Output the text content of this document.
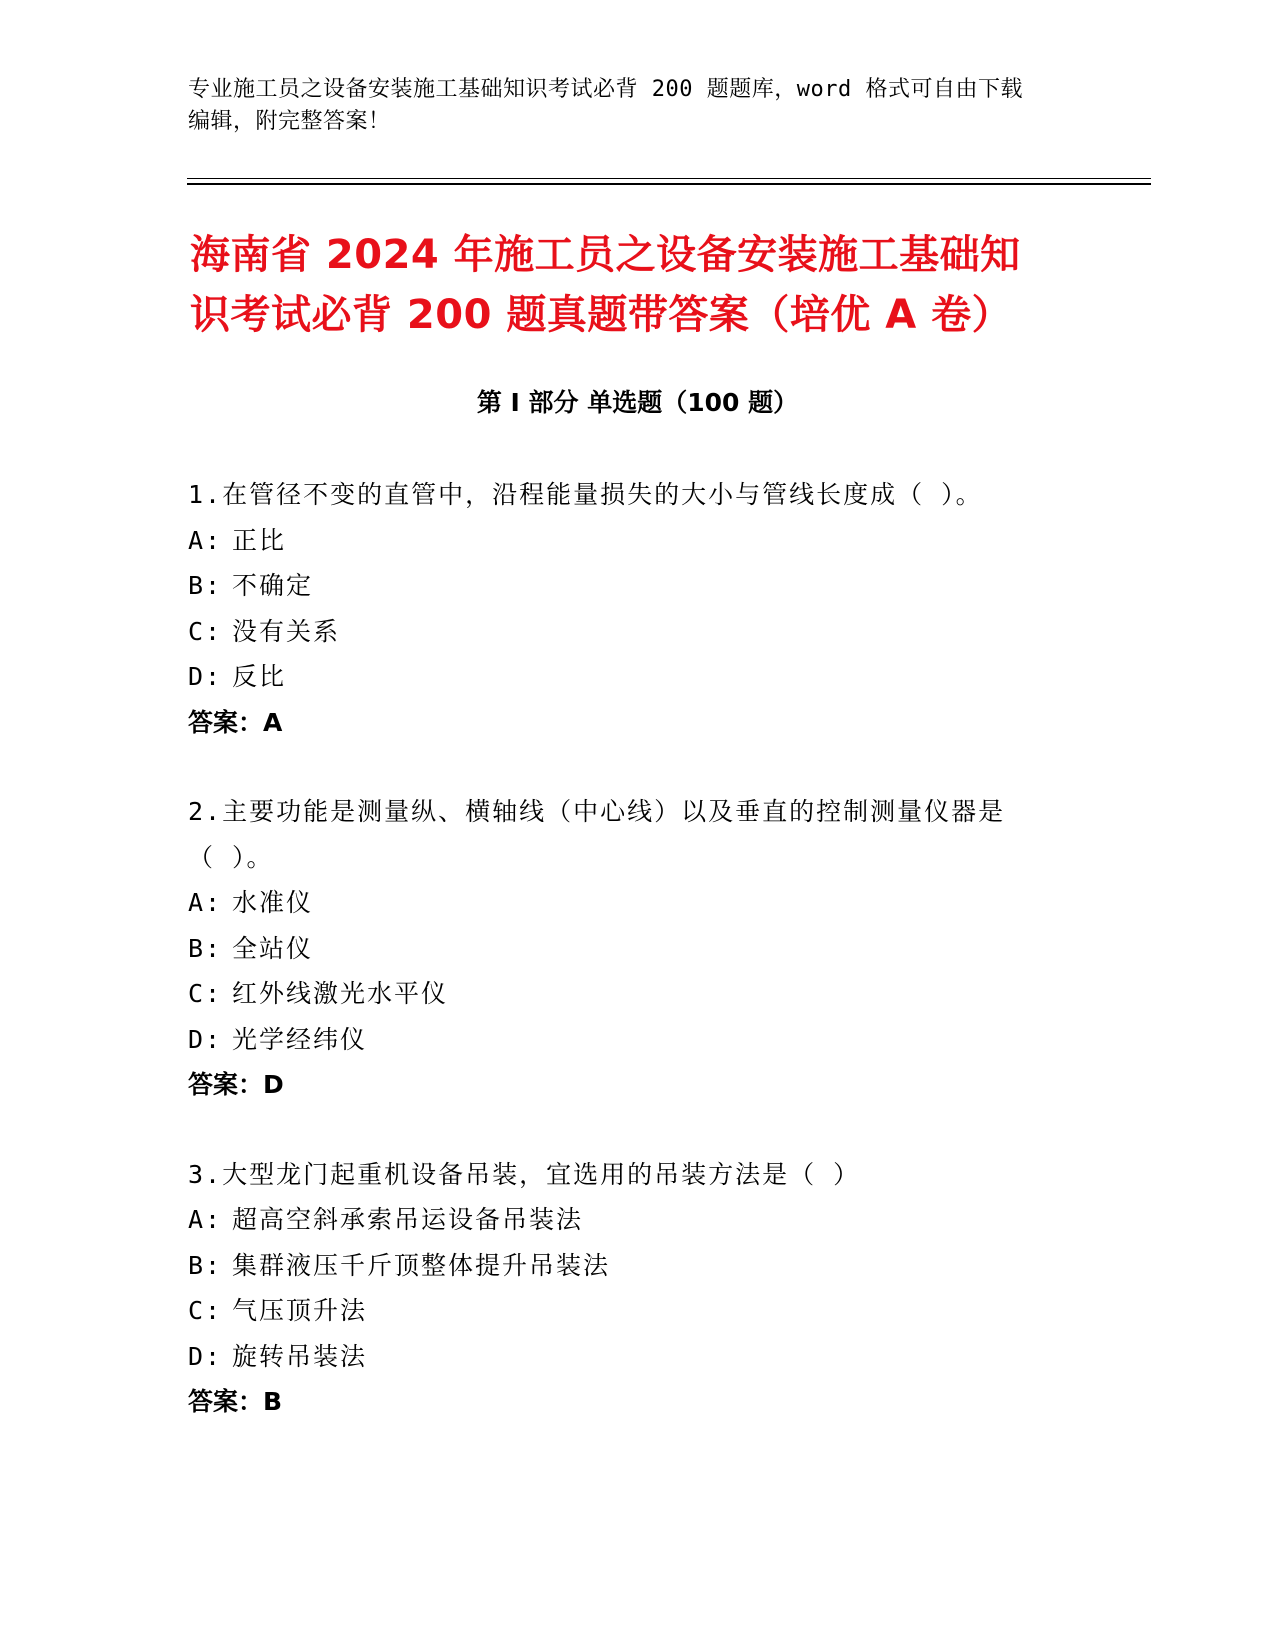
专业施工员之设备安装施工基础知识考试必背 200 题题库，word 格式可自由下载
编辑，附完整答案！
海南省 2024 年施工员之设备安装施工基础知
识考试必背 200 题真题带答案（培优 A 卷）
第 I 部分 单选题（100 题）
1.在管径不变的直管中，沿程能量损失的大小与管线长度成（ ）。
A: 正比
B: 不确定
C: 没有关系
D: 反比
答案：A
2.主要功能是测量纵、横轴线（中心线）以及垂直的控制测量仪器是
（ ）。
A: 水准仪
B: 全站仪
C: 红外线激光水平仪
D: 光学经纬仪
答案：D
3.大型龙门起重机设备吊装，宜选用的吊装方法是（ ）
A: 超高空斜承索吊运设备吊装法
B: 集群液压千斤顶整体提升吊装法
C: 气压顶升法
D: 旋转吊装法
答案：B
